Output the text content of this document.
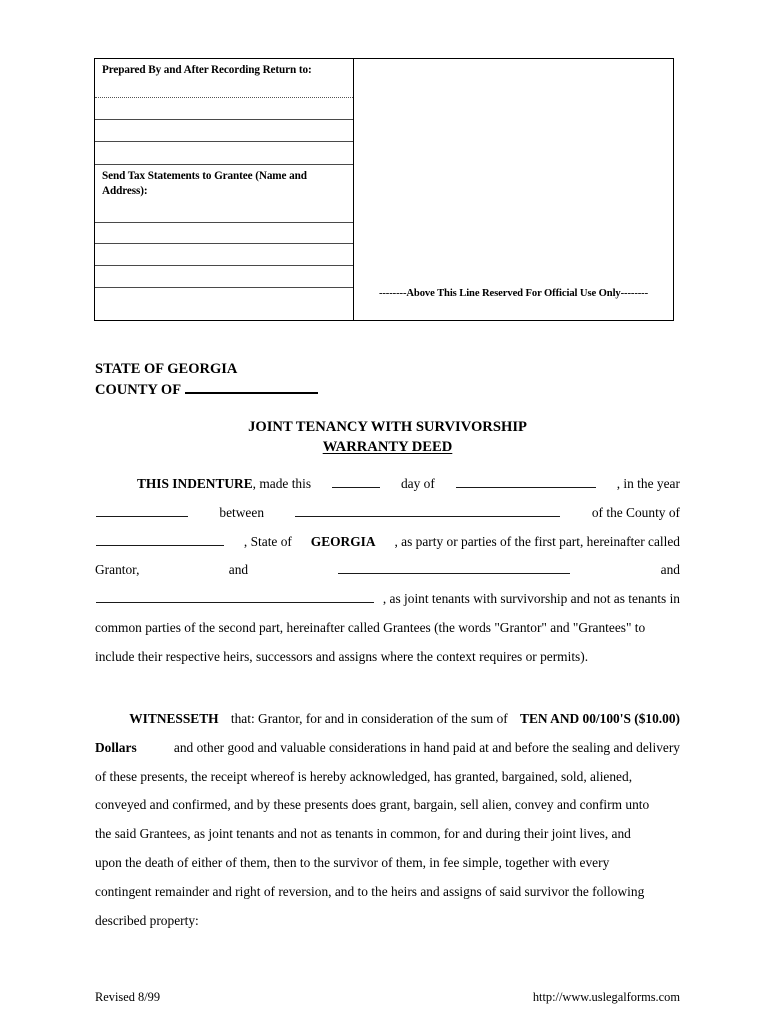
Prepared By and After Recording Return to:
Send Tax Statements to Grantee (Name and Address):
--------Above This Line Reserved For Official Use Only--------
STATE OF GEORGIA
COUNTY OF
JOINT TENANCY WITH SURVIVORSHIP
WARRANTY DEED
THIS INDENTURE, made this	day of	, in the year
between	of the County of
, State of GEORGIA , as party or parties of the first part, hereinafter called
Grantor,	and	and
, as joint tenants with survivorship and not as tenants in
common parties of the second part, hereinafter called Grantees (the words "Grantor" and "Grantees" to
include their respective heirs, successors and assigns where the context requires or permits).
WITNESSETH that: Grantor, for and in consideration of the sum of TEN AND 00/100'S ($10.00)
Dollars	and other good and valuable considerations in hand paid at and before the sealing and delivery
of these presents, the receipt whereof is hereby acknowledged, has granted, bargained, sold, aliened,
conveyed and confirmed, and by these presents does grant, bargain, sell alien, convey and confirm unto
the said Grantees, as joint tenants and not as tenants in common, for and during their joint lives, and
upon the death of either of them, then to the survivor of them, in fee simple, together with every
contingent remainder and right of reversion, and to the heirs and assigns of said survivor the following
described property:
Revised 8/99	http://www.uslegalforms.com
